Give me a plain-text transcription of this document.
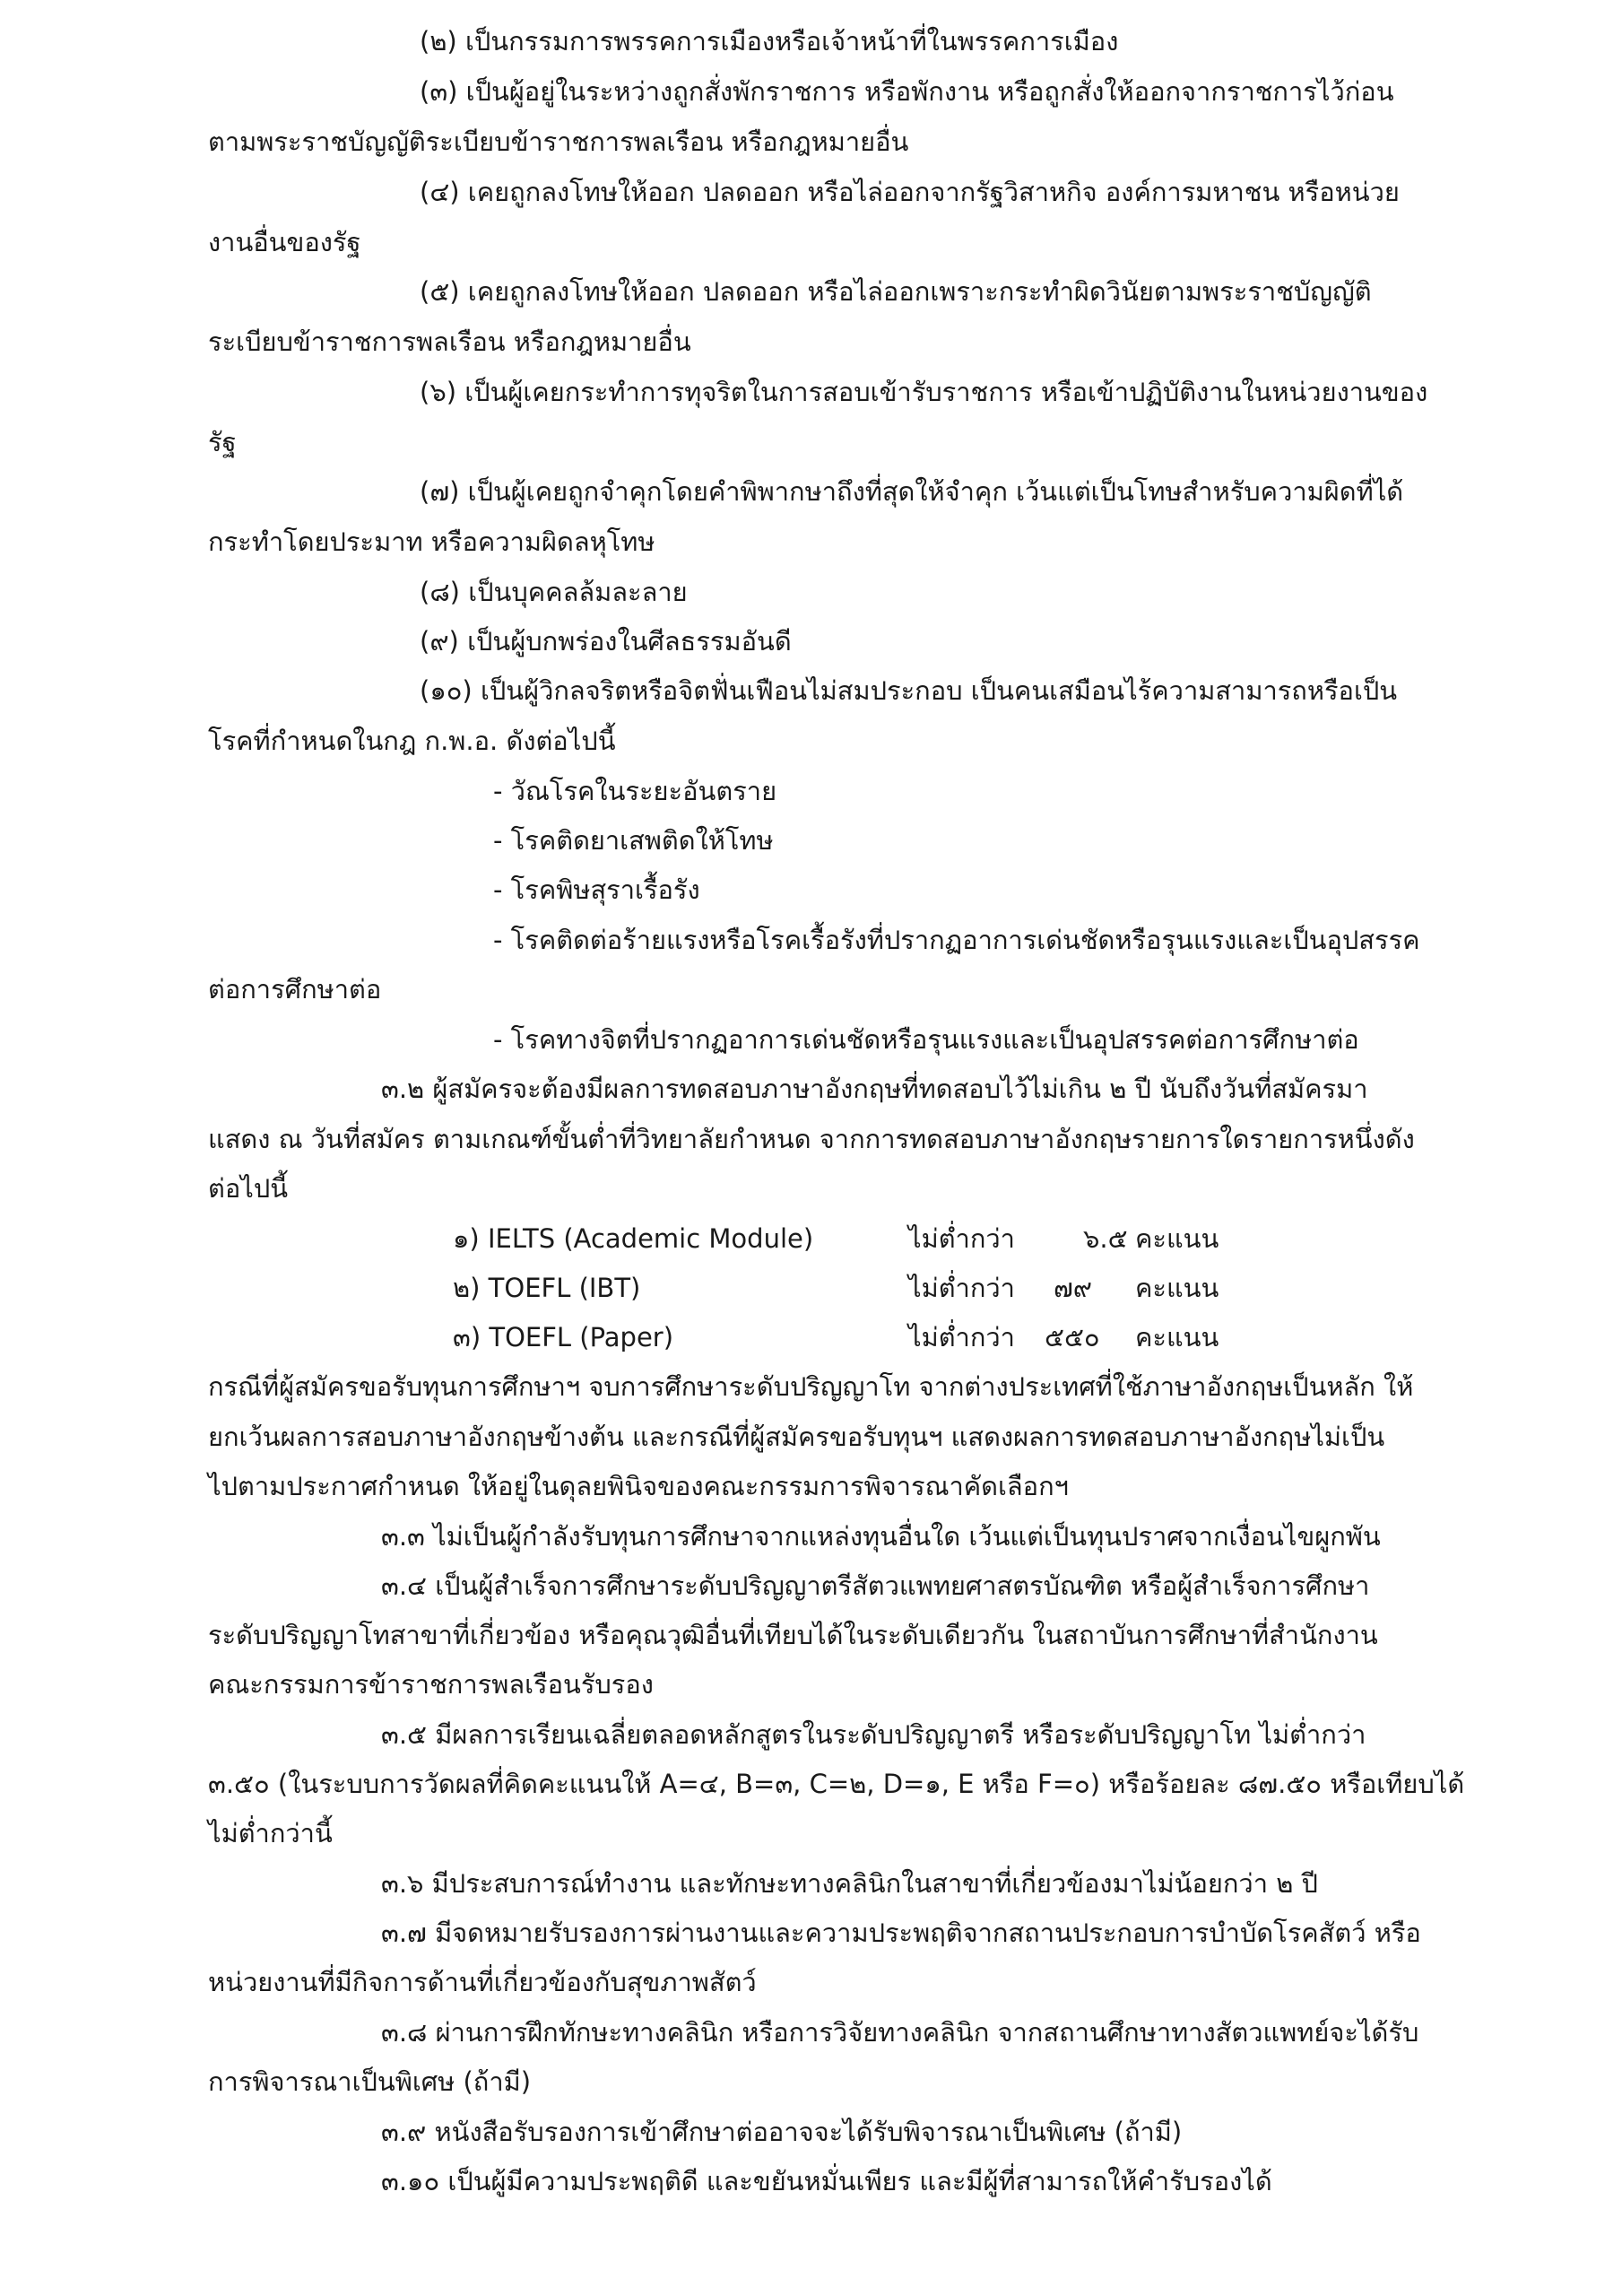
(๒) เป็นกรรมการพรรคการเมืองหรือเจ้าหน้าที่ในพรรคการเมือง

(๓) เป็นผู้อยู่ในระหว่างถูกสั่งพักราชการ หรือพักงาน หรือถูกสั่งให้ออกจากราชการไว้ก่อน

ตามพระราชบัญญัติระเบียบข้าราชการพลเรือน หรือกฎหมายอื่น

(๔) เคยถูกลงโทษให้ออก ปลดออก หรือไล่ออกจากรัฐวิสาหกิจ องค์การมหาชน หรือหน่วย

งานอื่นของรัฐ

(๕) เคยถูกลงโทษให้ออก ปลดออก หรือไล่ออกเพราะกระทำผิดวินัยตามพระราชบัญญัติ

ระเบียบข้าราชการพลเรือน หรือกฎหมายอื่น

(๖) เป็นผู้เคยกระทำการทุจริตในการสอบเข้ารับราชการ หรือเข้าปฏิบัติงานในหน่วยงานของ

รัฐ

(๗) เป็นผู้เคยถูกจำคุกโดยคำพิพากษาถึงที่สุดให้จำคุก เว้นแต่เป็นโทษสำหรับความผิดที่ได้

กระทำโดยประมาท หรือความผิดลหุโทษ

(๘) เป็นบุคคลล้มละลาย

(๙) เป็นผู้บกพร่องในศีลธรรมอันดี

(๑๐) เป็นผู้วิกลจริตหรือจิตฟั่นเฟือนไม่สมประกอบ เป็นคนเสมือนไร้ความสามารถหรือเป็น

โรคที่กำหนดในกฎ ก.พ.อ. ดังต่อไปนี้

- วัณโรคในระยะอันตราย

- โรคติดยาเสพติดให้โทษ

- โรคพิษสุราเรื้อรัง

- โรคติดต่อร้ายแรงหรือโรคเรื้อรังที่ปรากฏอาการเด่นชัดหรือรุนแรงและเป็นอุปสรรค

ต่อการศึกษาต่อ

- โรคทางจิตที่ปรากฏอาการเด่นชัดหรือรุนแรงและเป็นอุปสรรคต่อการศึกษาต่อ

๓.๒ ผู้สมัครจะต้องมีผลการทดสอบภาษาอังกฤษที่ทดสอบไว้ไม่เกิน ๒ ปี นับถึงวันที่สมัครมา

แสดง ณ วันที่สมัคร ตามเกณฑ์ขั้นต่ำที่วิทยาลัยกำหนด จากการทดสอบภาษาอังกฤษรายการใดรายการหนึ่งดัง

ต่อไปนี้

๑) IELTS (Academic Module)	ไม่ต่ำกว่า	๖.๕ คะแนน

๒) TOEFL (IBT)	ไม่ต่ำกว่า ๗๙ คะแนน

๓) TOEFL (Paper)	ไม่ต่ำกว่า ๕๕๐ คะแนน

กรณีที่ผู้สมัครขอรับทุนการศึกษาฯ จบการศึกษาระดับปริญญาโท จากต่างประเทศที่ใช้ภาษาอังกฤษเป็นหลัก ให้

ยกเว้นผลการสอบภาษาอังกฤษข้างต้น และกรณีที่ผู้สมัครขอรับทุนฯ แสดงผลการทดสอบภาษาอังกฤษไม่เป็น

ไปตามประกาศกำหนด ให้อยู่ในดุลยพินิจของคณะกรรมการพิจารณาคัดเลือกฯ

๓.๓ ไม่เป็นผู้กำลังรับทุนการศึกษาจากแหล่งทุนอื่นใด เว้นแต่เป็นทุนปราศจากเงื่อนไขผูกพัน

๓.๔ เป็นผู้สำเร็จการศึกษาระดับปริญญาตรีสัตวแพทยศาสตรบัณฑิต หรือผู้สำเร็จการศึกษา

ระดับปริญญาโทสาขาที่เกี่ยวข้อง หรือคุณวุฒิอื่นที่เทียบได้ในระดับเดียวกัน ในสถาบันการศึกษาที่สำนักงาน

คณะกรรมการข้าราชการพลเรือนรับรอง

๓.๕ มีผลการเรียนเฉลี่ยตลอดหลักสูตรในระดับปริญญาตรี หรือระดับปริญญาโท ไม่ต่ำกว่า

๓.๕๐ (ในระบบการวัดผลที่คิดคะแนนให้ A=๔, B=๓, C=๒, D=๑, E หรือ F=๐) หรือร้อยละ ๘๗.๕๐ หรือเทียบได้

ไม่ต่ำกว่านี้

๓.๖ มีประสบการณ์ทำงาน และทักษะทางคลินิกในสาขาที่เกี่ยวข้องมาไม่น้อยกว่า ๒ ปี

๓.๗ มีจดหมายรับรองการผ่านงานและความประพฤติจากสถานประกอบการบำบัดโรคสัตว์ หรือ

หน่วยงานที่มีกิจการด้านที่เกี่ยวข้องกับสุขภาพสัตว์

๓.๘ ผ่านการฝึกทักษะทางคลินิก หรือการวิจัยทางคลินิก จากสถานศึกษาทางสัตวแพทย์จะได้รับ

การพิจารณาเป็นพิเศษ (ถ้ามี)

๓.๙ หนังสือรับรองการเข้าศึกษาต่ออาจจะได้รับพิจารณาเป็นพิเศษ (ถ้ามี)

๓.๑๐ เป็นผู้มีความประพฤติดี และขยันหมั่นเพียร และมีผู้ที่สามารถให้คำรับรองได้
